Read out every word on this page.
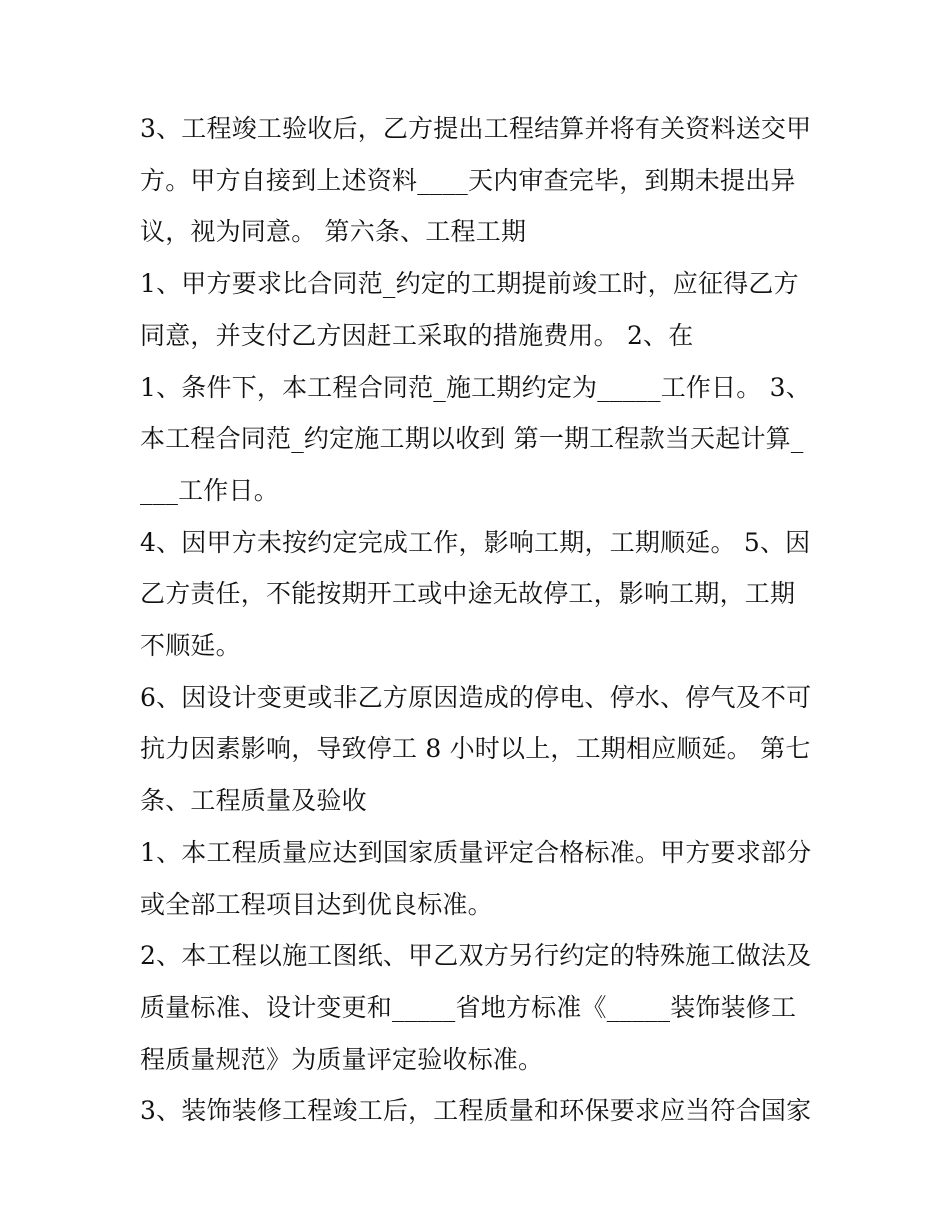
3、工程竣工验收后，乙方提出工程结算并将有关资料送交甲方。甲方自接到上述资料____天内审查完毕，到期未提出异议，视为同意。 第六条、工程工期

1、甲方要求比合同范_约定的工期提前竣工时，应征得乙方同意，并支付乙方因赶工采取的措施费用。 2、在

1、条件下，本工程合同范_施工期约定为_____工作日。 3、本工程合同范_约定施工期以收到 第一期工程款当天起计算____工作日。

4、因甲方未按约定完成工作，影响工期，工期顺延。 5、因乙方责任，不能按期开工或中途无故停工，影响工期，工期不顺延。

6、因设计变更或非乙方原因造成的停电、停水、停气及不可抗力因素影响，导致停工 8 小时以上，工期相应顺延。 第七条、工程质量及验收

1、本工程质量应达到国家质量评定合格标准。甲方要求部分或全部工程项目达到优良标准。

2、本工程以施工图纸、甲乙双方另行约定的特殊施工做法及质量标准、设计变更和_____省地方标准《_____装饰装修工程质量规范》为质量评定验收标准。

3、装饰装修工程竣工后，工程质量和环保要求应当符合国家
